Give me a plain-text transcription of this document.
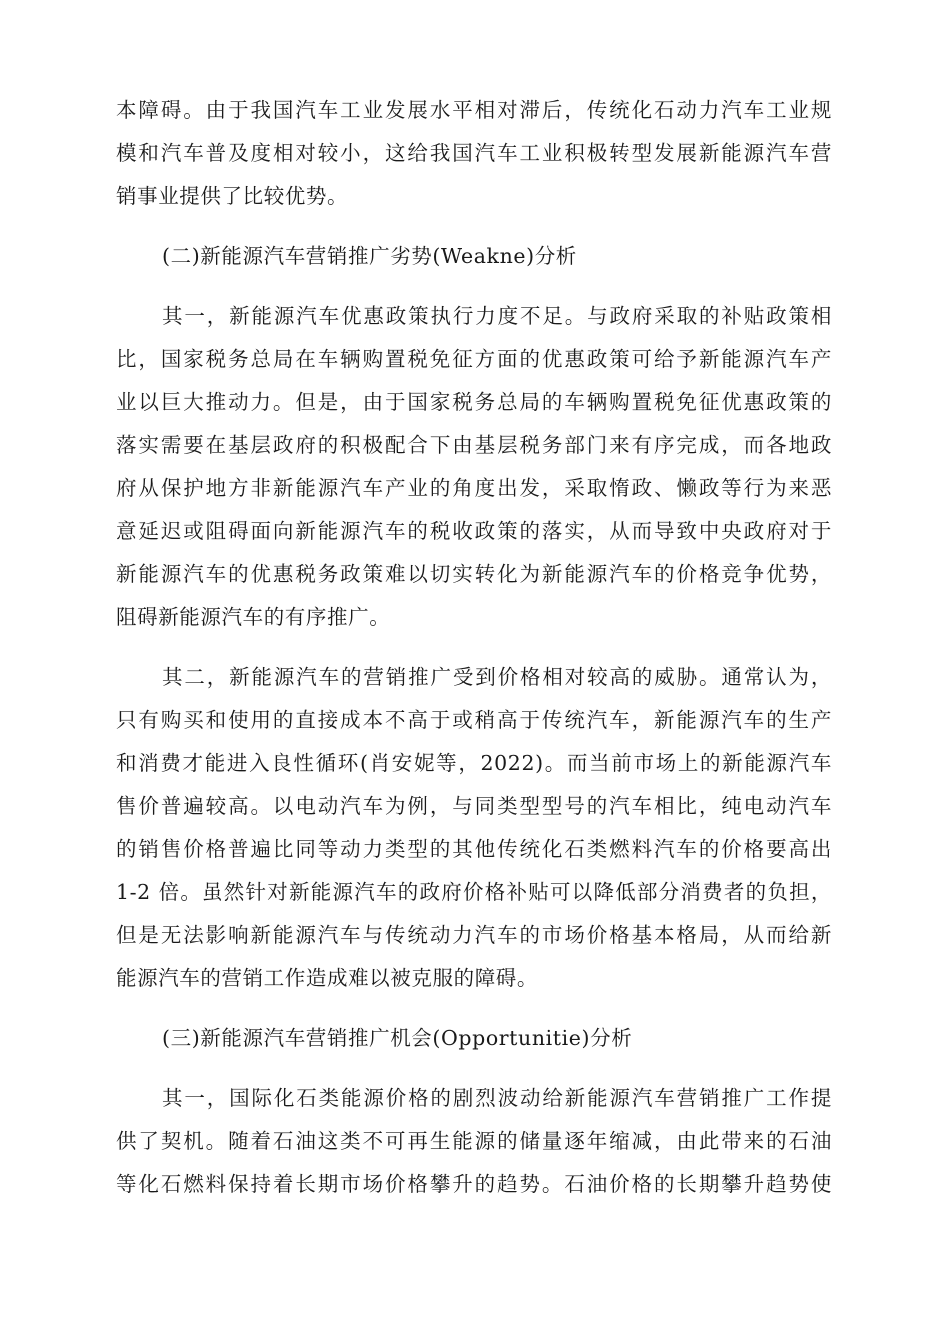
本障碍。由于我国汽车工业发展水平相对滞后，传统化石动力汽车工业规

模和汽车普及度相对较小，这给我国汽车工业积极转型发展新能源汽车营

销事业提供了比较优势。

(二)新能源汽车营销推广劣势(Weakne)分析

其一，新能源汽车优惠政策执行力度不足。与政府采取的补贴政策相

比，国家税务总局在车辆购置税免征方面的优惠政策可给予新能源汽车产

业以巨大推动力。但是，由于国家税务总局的车辆购置税免征优惠政策的

落实需要在基层政府的积极配合下由基层税务部门来有序完成，而各地政

府从保护地方非新能源汽车产业的角度出发，采取惰政、懒政等行为来恶

意延迟或阻碍面向新能源汽车的税收政策的落实，从而导致中央政府对于

新能源汽车的优惠税务政策难以切实转化为新能源汽车的价格竞争优势，

阻碍新能源汽车的有序推广。

其二，新能源汽车的营销推广受到价格相对较高的威胁。通常认为，

只有购买和使用的直接成本不高于或稍高于传统汽车，新能源汽车的生产

和消费才能进入良性循环(肖安妮等，2022)。而当前市场上的新能源汽车

售价普遍较高。以电动汽车为例，与同类型型号的汽车相比，纯电动汽车

的销售价格普遍比同等动力类型的其他传统化石类燃料汽车的价格要高出

1-2 倍。虽然针对新能源汽车的政府价格补贴可以降低部分消费者的负担，

但是无法影响新能源汽车与传统动力汽车的市场价格基本格局，从而给新

能源汽车的营销工作造成难以被克服的障碍。

(三)新能源汽车营销推广机会(Opportunitie)分析

其一，国际化石类能源价格的剧烈波动给新能源汽车营销推广工作提

供了契机。随着石油这类不可再生能源的储量逐年缩减，由此带来的石油

等化石燃料保持着长期市场价格攀升的趋势。石油价格的长期攀升趋势使
